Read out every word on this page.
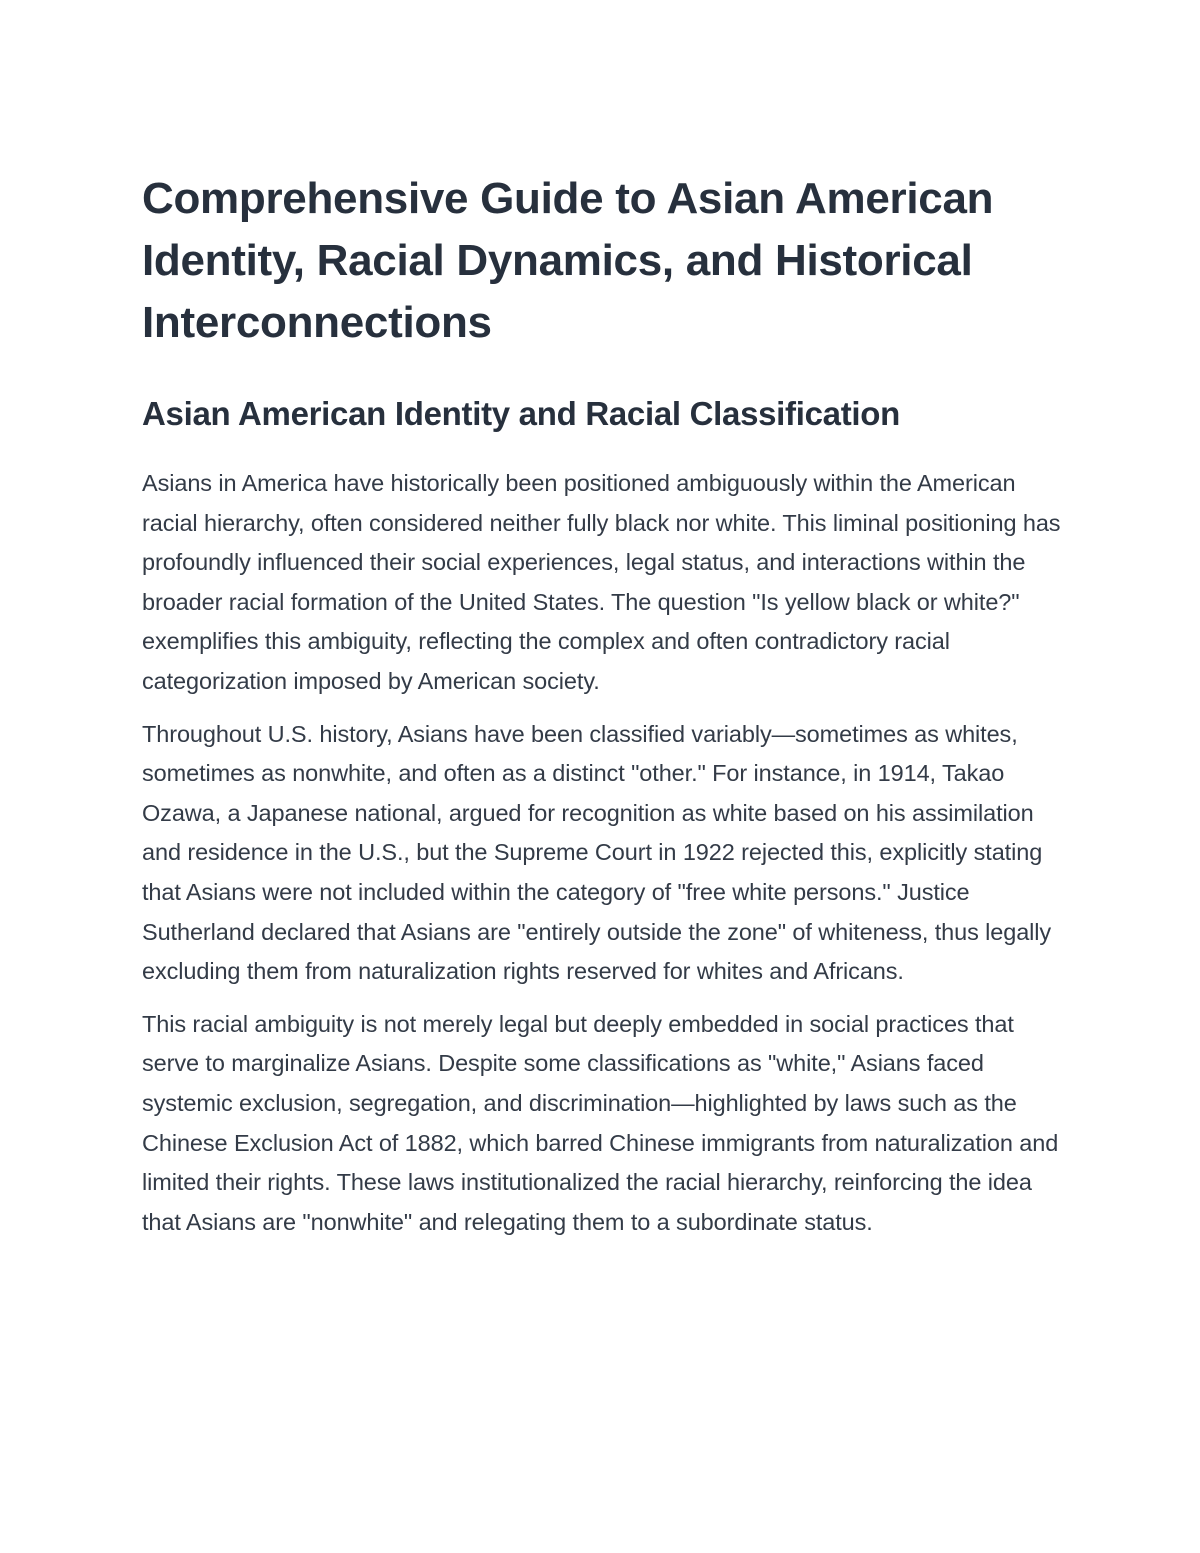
Comprehensive Guide to Asian American Identity, Racial Dynamics, and Historical Interconnections
Asian American Identity and Racial Classification

Asians in America have historically been positioned ambiguously within the American racial hierarchy, often considered neither fully black nor white. This liminal positioning has profoundly influenced their social experiences, legal status, and interactions within the broader racial formation of the United States. The question "Is yellow black or white?" exemplifies this ambiguity, reflecting the complex and often contradictory racial categorization imposed by American society.

Throughout U.S. history, Asians have been classified variably—sometimes as whites, sometimes as nonwhite, and often as a distinct "other." For instance, in 1914, Takao Ozawa, a Japanese national, argued for recognition as white based on his assimilation and residence in the U.S., but the Supreme Court in 1922 rejected this, explicitly stating that Asians were not included within the category of "free white persons." Justice Sutherland declared that Asians are "entirely outside the zone" of whiteness, thus legally excluding them from naturalization rights reserved for whites and Africans.

This racial ambiguity is not merely legal but deeply embedded in social practices that serve to marginalize Asians. Despite some classifications as "white," Asians faced systemic exclusion, segregation, and discrimination—highlighted by laws such as the Chinese Exclusion Act of 1882, which barred Chinese immigrants from naturalization and limited their rights. These laws institutionalized the racial hierarchy, reinforcing the idea that Asians are "nonwhite" and relegating them to a subordinate status.
